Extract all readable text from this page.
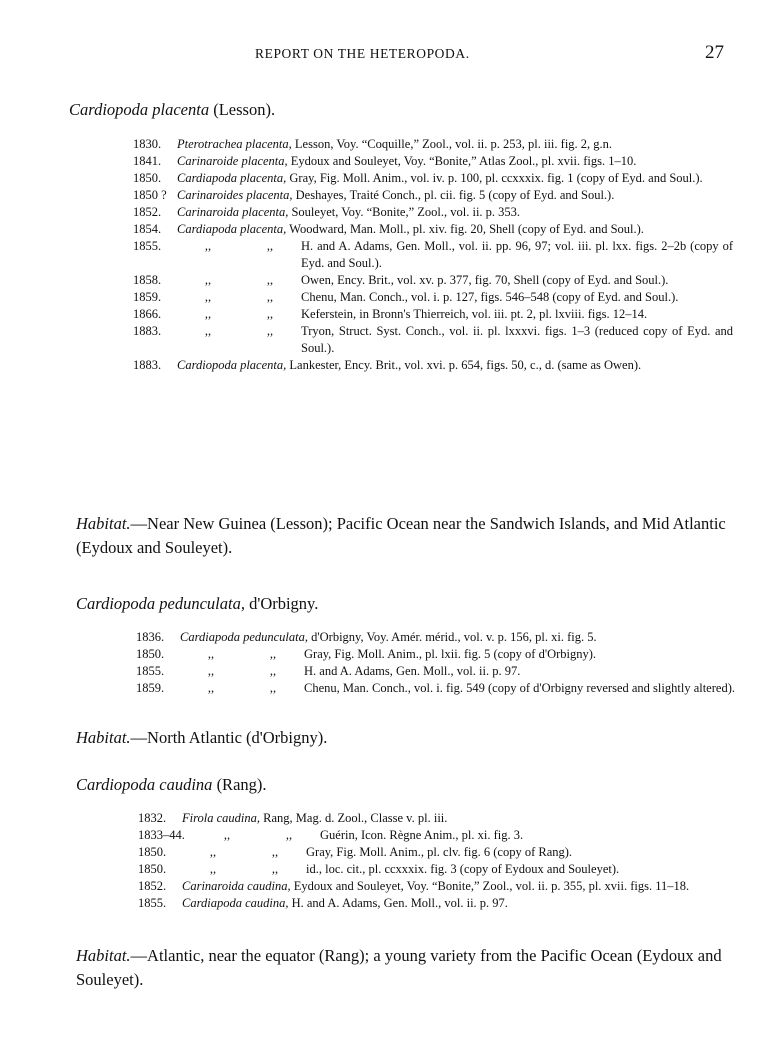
REPORT ON THE HETEROPODA.	27
Cardiopoda placenta (Lesson).
1830.	Pterotrachea placenta, Lesson, Voy. “Coquille,” Zool., vol. ii. p. 253, pl. iii. fig. 2, g.n.
1841.	Carinaroide placenta, Eydoux and Souleyet, Voy. “Bonite,” Atlas Zool., pl. xvii. figs. 1–10.
1850.	Cardiapoda placenta, Gray, Fig. Moll. Anim., vol. iv. p. 100, pl. ccxxxix. fig. 1 (copy of Eyd. and Soul.).
1850 ? Carinaroides placenta, Deshayes, Traité Conch., pl. cii. fig. 5 (copy of Eyd. and Soul.).
1852.	Carinaroida placenta, Souleyet, Voy. “Bonite,” Zool., vol. ii. p. 353.
1854.	Cardiapoda placenta, Woodward, Man. Moll., pl. xiv. fig. 20, Shell (copy of Eyd. and Soul.).
1855.	,,	,,	H. and A. Adams, Gen. Moll., vol. ii. pp. 96, 97; vol. iii. pl. lxx. figs. 2–2b (copy of Eyd. and Soul.).
1858.	,,	,,	Owen, Ency. Brit., vol. xv. p. 377, fig. 70, Shell (copy of Eyd. and Soul.).
1859.	,,	,,	Chenu, Man. Conch., vol. i. p. 127, figs. 546–548 (copy of Eyd. and Soul.).
1866.	,,	,,	Keferstein, in Bronn's Thierreich, vol. iii. pt. 2, pl. lxviii. figs. 12–14.
1883.	,,	,,	Tryon, Struct. Syst. Conch., vol. ii. pl. lxxxvi. figs. 1–3 (reduced copy of Eyd. and Soul.).
1883.	Cardiopoda placenta, Lankester, Ency. Brit., vol. xvi. p. 654, figs. 50, c., d. (same as Owen).
Habitat.—Near New Guinea (Lesson); Pacific Ocean near the Sandwich Islands, and Mid Atlantic (Eydoux and Souleyet).
Cardiopoda pedunculata, d'Orbigny.
1836.	Cardiapoda pedunculata, d'Orbigny, Voy. Amér. mérid., vol. v. p. 156, pl. xi. fig. 5.
1850.	,,	,,	Gray, Fig. Moll. Anim., pl. lxii. fig. 5 (copy of d'Orbigny).
1855.	,,	,,	H. and A. Adams, Gen. Moll., vol. ii. p. 97.
1859.	,,	,,	Chenu, Man. Conch., vol. i. fig. 549 (copy of d'Orbigny reversed and slightly altered).
Habitat.—North Atlantic (d'Orbigny).
Cardiopoda caudina (Rang).
1832.	Firola caudina, Rang, Mag. d. Zool., Classe v. pl. iii.
1833–44.	,,	,,	Guérin, Icon. Règne Anim., pl. xi. fig. 3.
1850.	,,	,,	Gray, Fig. Moll. Anim., pl. clv. fig. 6 (copy of Rang).
1850.	,,	,,	id., loc. cit., pl. ccxxxix. fig. 3 (copy of Eydoux and Souleyet).
1852.	Carinaroida caudina, Eydoux and Souleyet, Voy. “Bonite,” Zool., vol. ii. p. 355, pl. xvii. figs. 11–18.
1855.	Cardiapoda caudina, H. and A. Adams, Gen. Moll., vol. ii. p. 97.
Habitat.—Atlantic, near the equator (Rang); a young variety from the Pacific Ocean (Eydoux and Souleyet).
